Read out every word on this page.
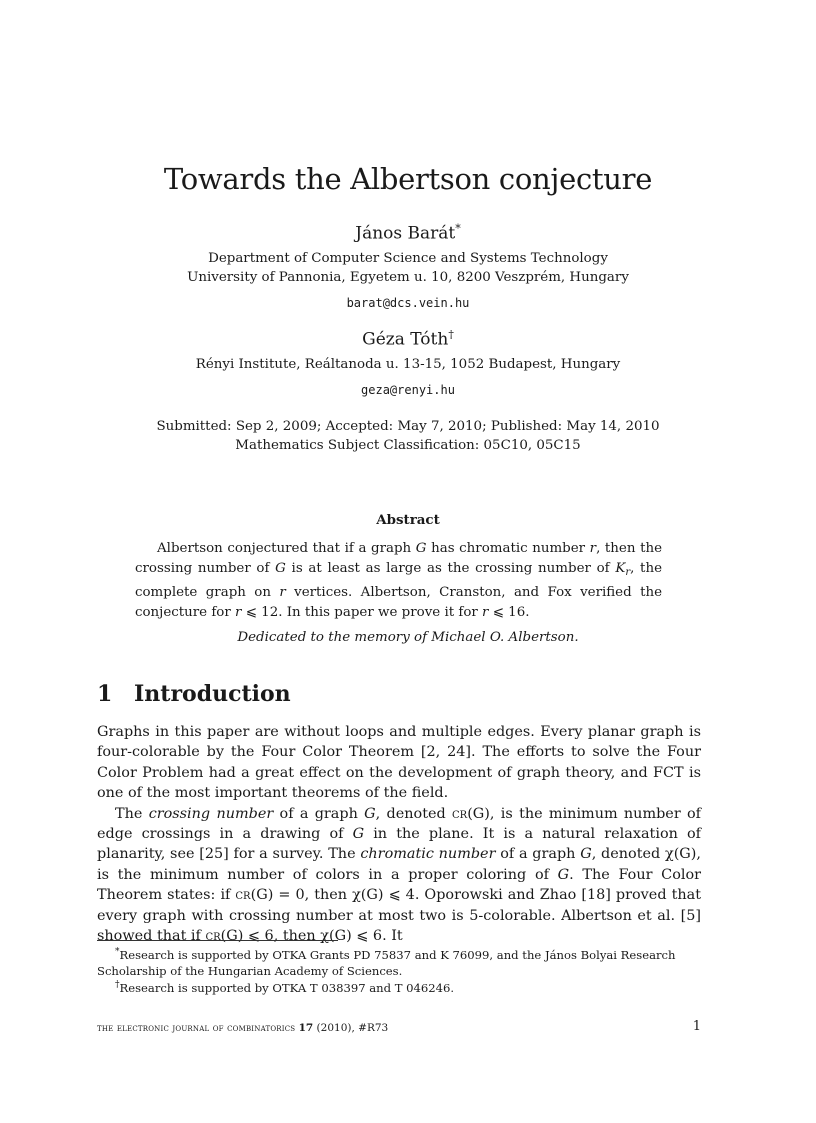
Towards the Albertson conjecture
János Barát*
Department of Computer Science and Systems Technology
University of Pannonia, Egyetem u. 10, 8200 Veszprém, Hungary
barat@dcs.vein.hu
Géza Tóth†
Rényi Institute, Reáltanoda u. 13-15, 1052 Budapest, Hungary
geza@renyi.hu
Submitted: Sep 2, 2009; Accepted: May 7, 2010; Published: May 14, 2010
Mathematics Subject Classification: 05C10, 05C15
Abstract

Albertson conjectured that if a graph G has chromatic number r, then the crossing number of G is at least as large as the crossing number of $K_r$, the complete graph on r vertices. Albertson, Cranston, and Fox verified the conjecture for r ⩽ 12. In this paper we prove it for r ⩽ 16.

Dedicated to the memory of Michael O. Albertson.
1 Introduction

Graphs in this paper are without loops and multiple edges. Every planar graph is four-colorable by the Four Color Theorem [2, 24]. The efforts to solve the Four Color Problem had a great effect on the development of graph theory, and FCT is one of the most important theorems of the field.

The crossing number of a graph G, denoted cr(G), is the minimum number of edge crossings in a drawing of G in the plane. It is a natural relaxation of planarity, see [25] for a survey. The chromatic number of a graph G, denoted χ(G), is the minimum number of colors in a proper coloring of G. The Four Color Theorem states: if cr(G) = 0, then χ(G) ⩽ 4. Oporowski and Zhao [18] proved that every graph with crossing number at most two is 5-colorable. Albertson et al. [5] showed that if cr(G) ⩽ 6, then χ(G) ⩽ 6. It

*Research is supported by OTKA Grants PD 75837 and K 76099, and the János Bolyai Research Scholarship of the Hungarian Academy of Sciences.
†Research is supported by OTKA T 038397 and T 046246.
the electronic journal of combinatorics 17 (2010), #R73	1
